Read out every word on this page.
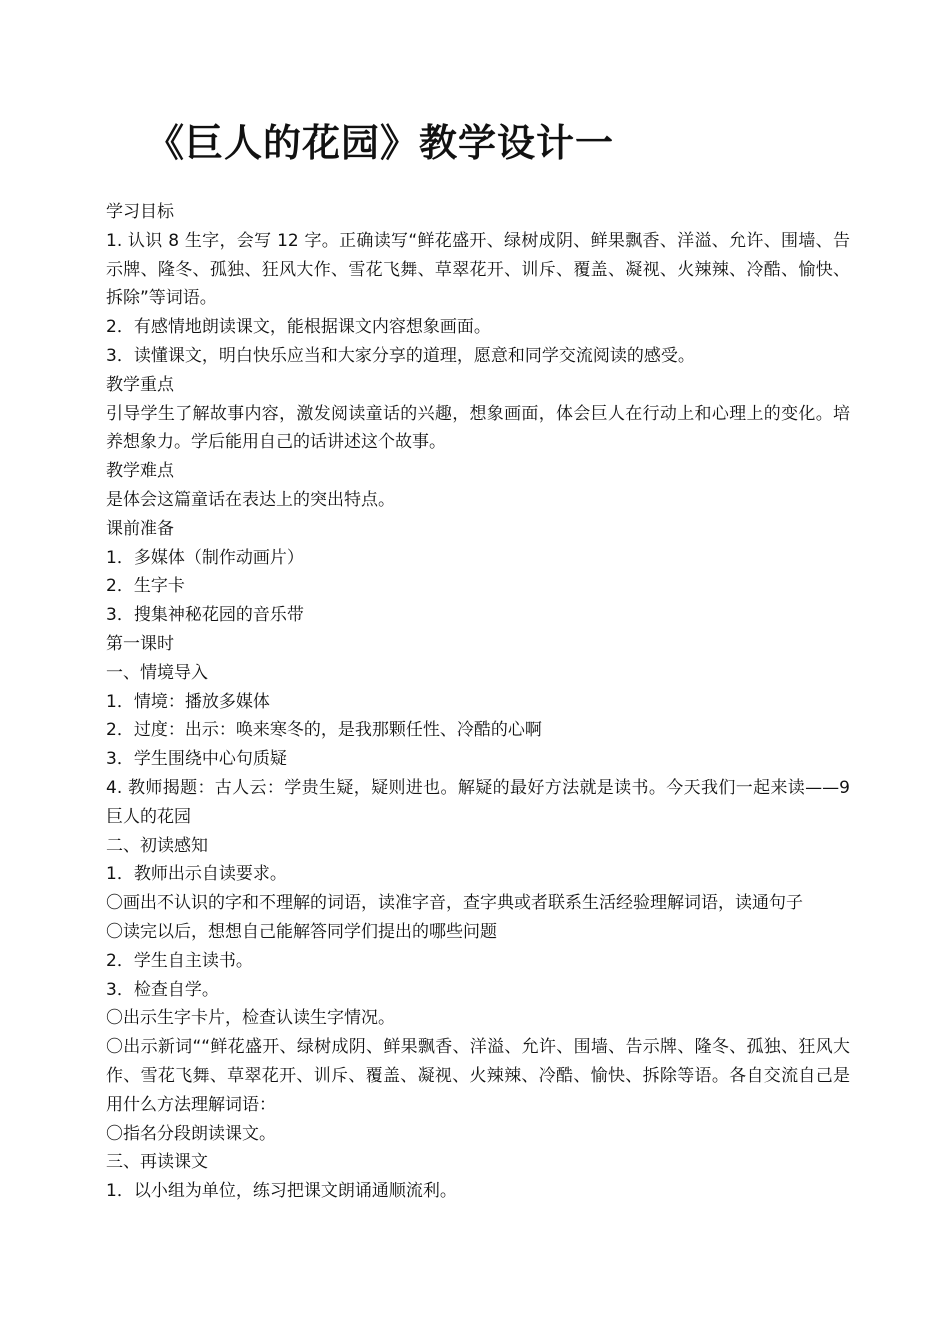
《巨人的花园》教学设计一

学习目标

1. 认识 8 生字，会写 12 字。正确读写“鲜花盛开、绿树成阴、鲜果飘香、洋溢、允许、围墙、告示牌、隆冬、孤独、狂风大作、雪花飞舞、草翠花开、训斥、覆盖、凝视、火辣辣、冷酷、愉快、拆除”等词语。

2．有感情地朗读课文，能根据课文内容想象画面。

3．读懂课文，明白快乐应当和大家分享的道理，愿意和同学交流阅读的感受。

教学重点

引导学生了解故事内容，激发阅读童话的兴趣，想象画面，体会巨人在行动上和心理上的变化。培养想象力。学后能用自己的话讲述这个故事。

教学难点

是体会这篇童话在表达上的突出特点。

课前准备

1．多媒体（制作动画片）

2．生字卡

3．搜集神秘花园的音乐带

第一课时

一、情境导入

1．情境：播放多媒体

2．过度：出示：唤来寒冬的，是我那颗任性、冷酷的心啊

3．学生围绕中心句质疑

4. 教师揭题：古人云：学贵生疑，疑则进也。解疑的最好方法就是读书。今天我们一起来读——9 巨人的花园

二、初读感知

1．教师出示自读要求。

〇画出不认识的字和不理解的词语，读准字音，查字典或者联系生活经验理解词语，读通句子

〇读完以后，想想自己能解答同学们提出的哪些问题

2．学生自主读书。

3．检查自学。

〇出示生字卡片，检查认读生字情况。

〇出示新词““鲜花盛开、绿树成阴、鲜果飘香、洋溢、允许、围墙、告示牌、隆冬、孤独、狂风大作、雪花飞舞、草翠花开、训斥、覆盖、凝视、火辣辣、冷酷、愉快、拆除等语。各自交流自己是用什么方法理解词语：

〇指名分段朗读课文。

三、再读课文

1．以小组为单位，练习把课文朗诵通顺流利。
